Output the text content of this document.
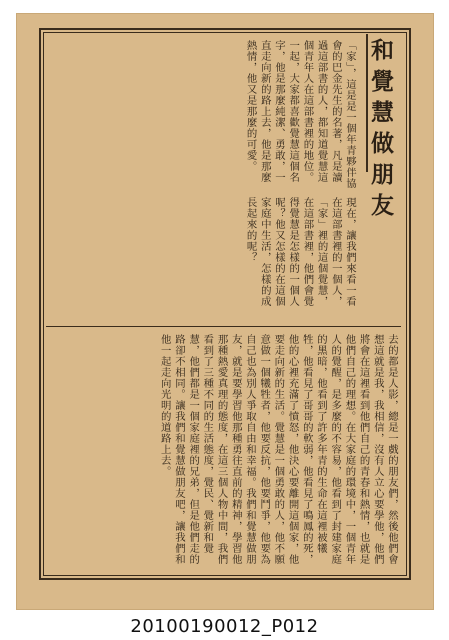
和覺慧做朋友
「家」，這是是一個年青夥伴協會的巴金先生的名著，凡是讀過這部書的人，都知道覺慧這個青年人在這部書裡的地位。一起，大家都喜歡覺慧這個名字，他是那麼純潔、勇敢，一直走向新的路上去，他是那麼熱情，他又是那麼的可愛。
現在，讓我們來看一看在這部書裡的一個人，「家」裡的這個覺慧，在這部書裡，他們會覺得覺慧是怎樣的一個人呢？他又怎樣的在這個家庭中生活，怎樣的成長起來的呢？
去的都是人影，總是一戲的朋友們，然後他們會想這就是我，我相信，沒有人立心要學他，他們將會在這裡看到他們自己的青春和熱情，也就是他們自己的理想。在大家庭的環境中，一個青年人的覺醒，是多麼的不容易，他看到了封建家庭的黑暗，他看到了許多年青的生命在這裡被犧牲，他看見了哥哥的軟弱，他看見了鳴鳳的死，他的心裡充滿了憤怒，他決心要離開這個家，他要走向新的生活。覺慧是一個勇敢的人，他不願意做一個犧牲者，他要反抗，他要鬥爭，他要為自己也為別人爭取自由和幸福。我們和覺慧做朋友，就是要學習他那種勇往直前的精神，學習他那種熱愛真理的態度，在這三個人物中間，我們看到了三種不同的生活態度，覺民、覺新和覺慧，他們都是一個家庭裡的兄弟，但是他們走的路卻不相同。讓我們和覺慧做朋友吧，讓我們和他一起走向光明的道路上去。
20100190012_P012
